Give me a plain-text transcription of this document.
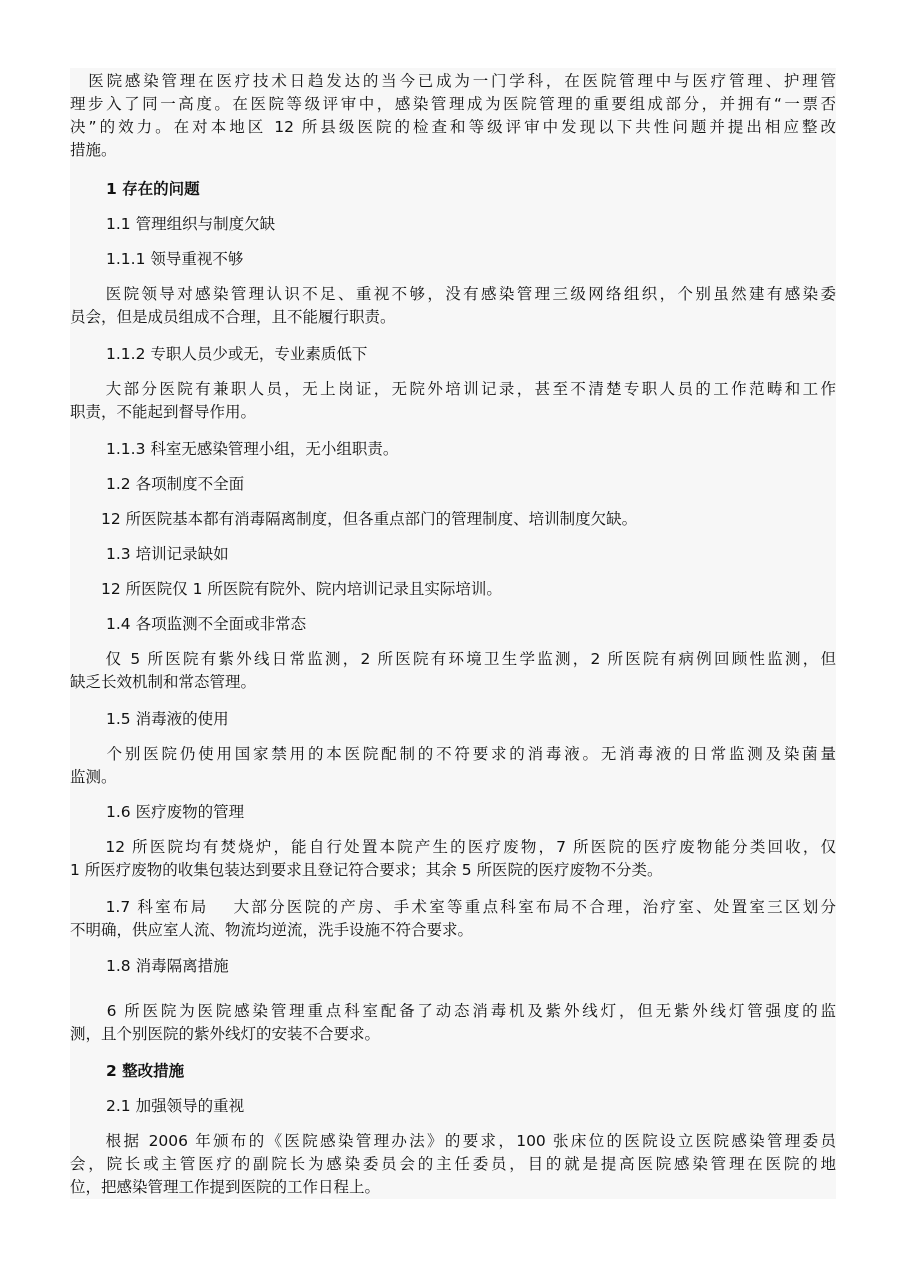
　医院感染管理在医疗技术日趋发达的当今已成为一门学科，在医院管理中与医疗管理、护理管
理步入了同一高度。在医院等级评审中，感染管理成为医院管理的重要组成部分，并拥有“一票否
决”的效力。在对本地区 12 所县级医院的检查和等级评审中发现以下共性问题并提出相应整改
措施。
1 存在的问题
1.1 管理组织与制度欠缺
1.1.1 领导重视不够
　　医院领导对感染管理认识不足、重视不够，没有感染管理三级网络组织，个别虽然建有感染委
员会，但是成员组成不合理，且不能履行职责。
1.1.2 专职人员少或无，专业素质低下
　　大部分医院有兼职人员，无上岗证，无院外培训记录，甚至不清楚专职人员的工作范畴和工作
职责，不能起到督导作用。
1.1.3 科室无感染管理小组，无小组职责。
1.2 各项制度不全面
　　12 所医院基本都有消毒隔离制度，但各重点部门的管理制度、培训制度欠缺。
1.3 培训记录缺如
　　12 所医院仅 1 所医院有院外、院内培训记录且实际培训。
1.4 各项监测不全面或非常态
　　仅 5 所医院有紫外线日常监测，2 所医院有环境卫生学监测，2 所医院有病例回顾性监测，但
缺乏长效机制和常态管理。
1.5 消毒液的使用
　　个别医院仍使用国家禁用的本医院配制的不符要求的消毒液。无消毒液的日常监测及染菌量
监测。
1.6 医疗废物的管理
　　12 所医院均有焚烧炉，能自行处置本院产生的医疗废物，7 所医院的医疗废物能分类回收，仅
1 所医疗废物的收集包装达到要求且登记符合要求；其余 5 所医院的医疗废物不分类。
　　1.7 科室布局　 大部分医院的产房、手术室等重点科室布局不合理，治疗室、处置室三区划分
不明确，供应室人流、物流均逆流，洗手设施不符合要求。
1.8 消毒隔离措施
　　6 所医院为医院感染管理重点科室配备了动态消毒机及紫外线灯，但无紫外线灯管强度的监
测，且个别医院的紫外线灯的安装不合要求。
2 整改措施
2.1 加强领导的重视
　　根据 2006 年颁布的《医院感染管理办法》的要求，100 张床位的医院设立医院感染管理委员
会，院长或主管医疗的副院长为感染委员会的主任委员，目的就是提高医院感染管理在医院的地
位，把感染管理工作提到医院的工作日程上。
